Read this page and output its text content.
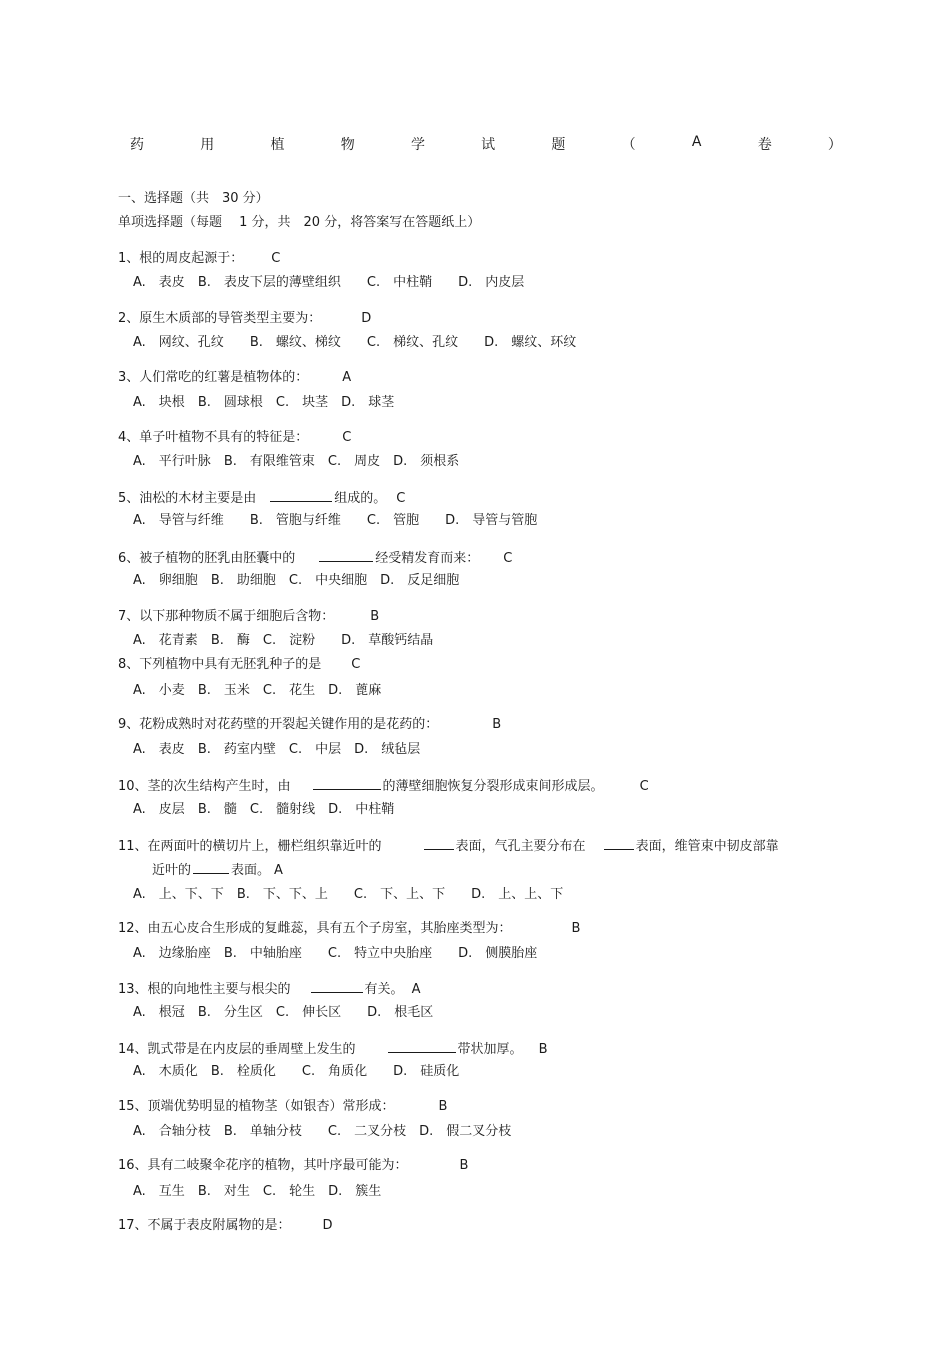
药	用	植	物	学	试	题	（	A	卷	）
一、选择题（共　30 分）
单项选择题（每题　 1 分，共　20 分，将答案写在答题纸上）
1、根的周皮起源于： C
A.　表皮　 B.　表皮下层的薄壁组织　　 C.　中柱鞘　　 D.　内皮层
2、原生木质部的导管类型主要为：	D
A.　网纹、孔纹　　 B.　螺纹、梯纹　　 C.　梯纹、孔纹　　 D.　螺纹、环纹
3、人们常吃的红薯是植物体的：	A
A.　块根　 B.　圆球根　 C.　块茎　 D.　球茎
4、单子叶植物不具有的特征是：	C
A.　平行叶脉　 B.　有限维管束　 C.　周皮　 D.　须根系
5、油松的木材主要是由	组成的。 C
A.　导管与纤维　　 B.　管胞与纤维　　 C.　管胞　　 D.　导管与管胞
6、被子植物的胚乳由胚囊中的	经受精发育而来： C
A.　卵细胞　 B.　助细胞　 C.　中央细胞　 D.　反足细胞
7、以下那种物质不属于细胞后含物：	B
A.　花青素　 B.　酶　 C.　淀粉　　 D.　草酸钙结晶
8、下列植物中具有无胚乳种子的是 C
A.　小麦　 B.　玉米　 C.　花生　 D.　蓖麻
9、花粉成熟时对花药壁的开裂起关键作用的是花药的：	B
A.　表皮　 B.　药室内壁　 C.　中层　 D.　绒毡层
10、茎的次生结构产生时，由	的薄壁细胞恢复分裂形成束间形成层。	C
A.　皮层　 B.　髓　 C.　髓射线　 D.　中柱鞘
11、在两面叶的横切片上，栅栏组织靠近叶的	表面，气孔主要分布在	表面，维管束中韧皮部靠
近叶的	表面。 A
A.　上、下、下　 B.　下、下、上　　 C.　下、上、下　　 D.　上、上、下
12、由五心皮合生形成的复雌蕊，具有五个子房室，其胎座类型为：	B
A.　边缘胎座　 B.　中轴胎座　　 C.　特立中央胎座　　 D.　侧膜胎座
13、根的向地性主要与根尖的	有关。 A
A.　根冠　 B.　分生区　 C.　伸长区　　 D.　根毛区
14、凯式带是在内皮层的垂周壁上发生的	带状加厚。 B
A.　木质化　 B.　栓质化　　 C.　角质化　　 D.　硅质化
15、顶端优势明显的植物茎（如银杏）常形成：	B
A.　合轴分枝　 B.　单轴分枝　　 C.　二叉分枝　 D.　假二叉分枝
16、具有二岐聚伞花序的植物，其叶序最可能为：	B
A.　互生　 B.　对生　 C.　轮生　 D.　簇生
17、不属于表皮附属物的是： D
